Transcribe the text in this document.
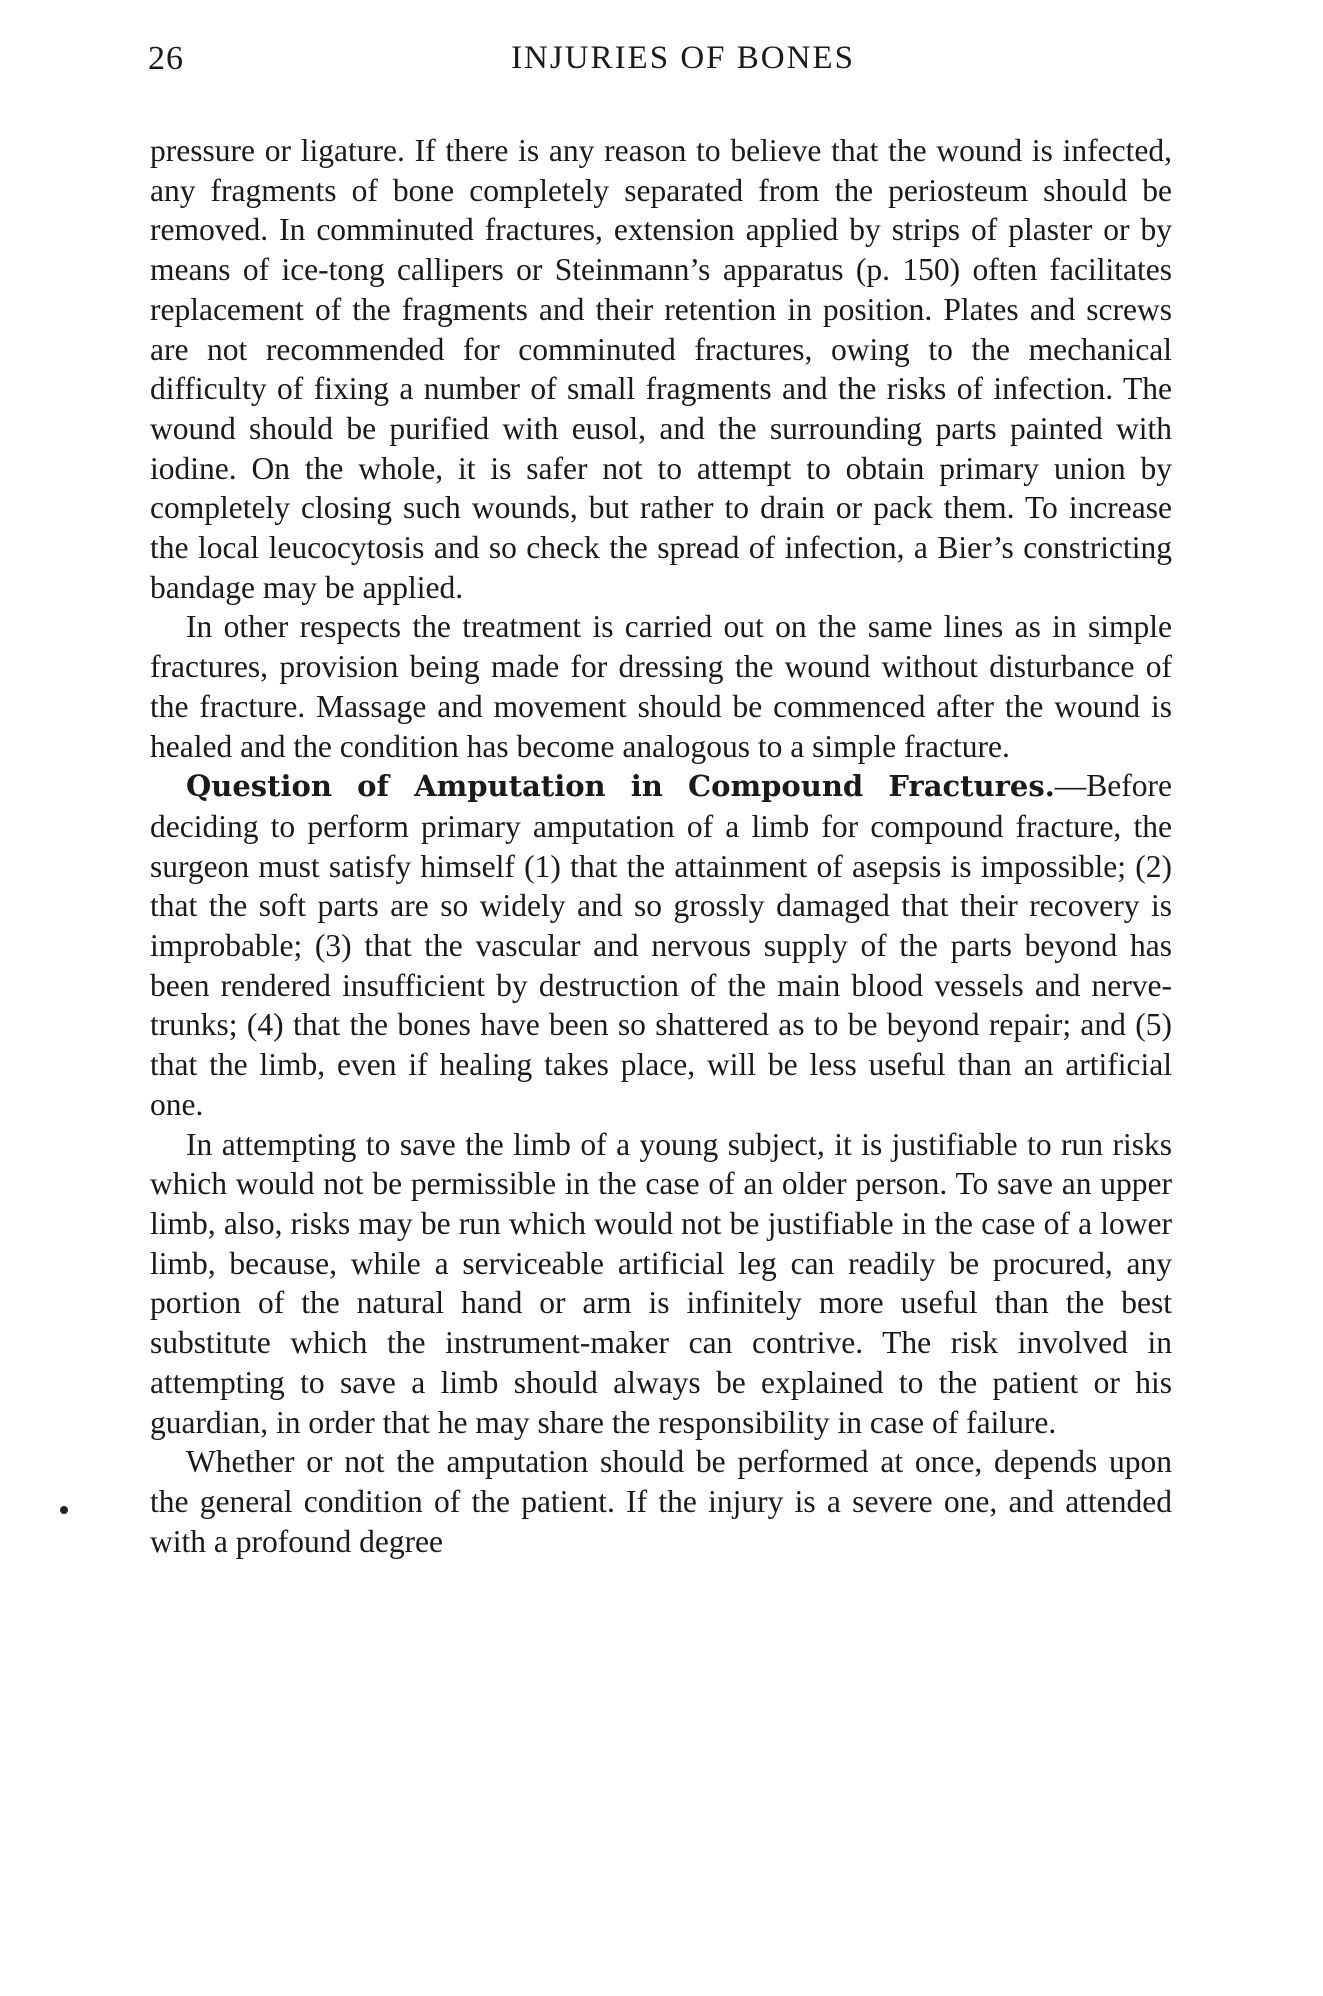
26	INJURIES OF BONES

pressure or ligature. If there is any reason to believe that the wound is infected, any fragments of bone completely separated from the periosteum should be removed. In comminuted fractures, extension applied by strips of plaster or by means of ice-tong callipers or Steinmann’s apparatus (p. 150) often facilitates replacement of the fragments and their retention in position. Plates and screws are not recommended for comminuted fractures, owing to the mechanical difficulty of fixing a number of small fragments and the risks of infection. The wound should be purified with eusol, and the surrounding parts painted with iodine. On the whole, it is safer not to attempt to obtain primary union by completely closing such wounds, but rather to drain or pack them. To increase the local leucocytosis and so check the spread of infection, a Bier’s constricting bandage may be applied.

In other respects the treatment is carried out on the same lines as in simple fractures, provision being made for dressing the wound without disturbance of the fracture. Massage and movement should be commenced after the wound is healed and the condition has become analogous to a simple fracture.

Question of Amputation in Compound Fractures.—Before deciding to perform primary amputation of a limb for compound fracture, the surgeon must satisfy himself (1) that the attainment of asepsis is impossible; (2) that the soft parts are so widely and so grossly damaged that their recovery is improbable; (3) that the vascular and nervous supply of the parts beyond has been rendered insufficient by destruction of the main blood vessels and nerve-trunks; (4) that the bones have been so shattered as to be beyond repair; and (5) that the limb, even if healing takes place, will be less useful than an artificial one.

In attempting to save the limb of a young subject, it is justifiable to run risks which would not be permissible in the case of an older person. To save an upper limb, also, risks may be run which would not be justifiable in the case of a lower limb, because, while a serviceable artificial leg can readily be procured, any portion of the natural hand or arm is infinitely more useful than the best substitute which the instrument-maker can contrive. The risk involved in attempting to save a limb should always be explained to the patient or his guardian, in order that he may share the responsibility in case of failure.

Whether or not the amputation should be performed at once, depends upon the general condition of the patient. If the injury is a severe one, and attended with a profound degree
